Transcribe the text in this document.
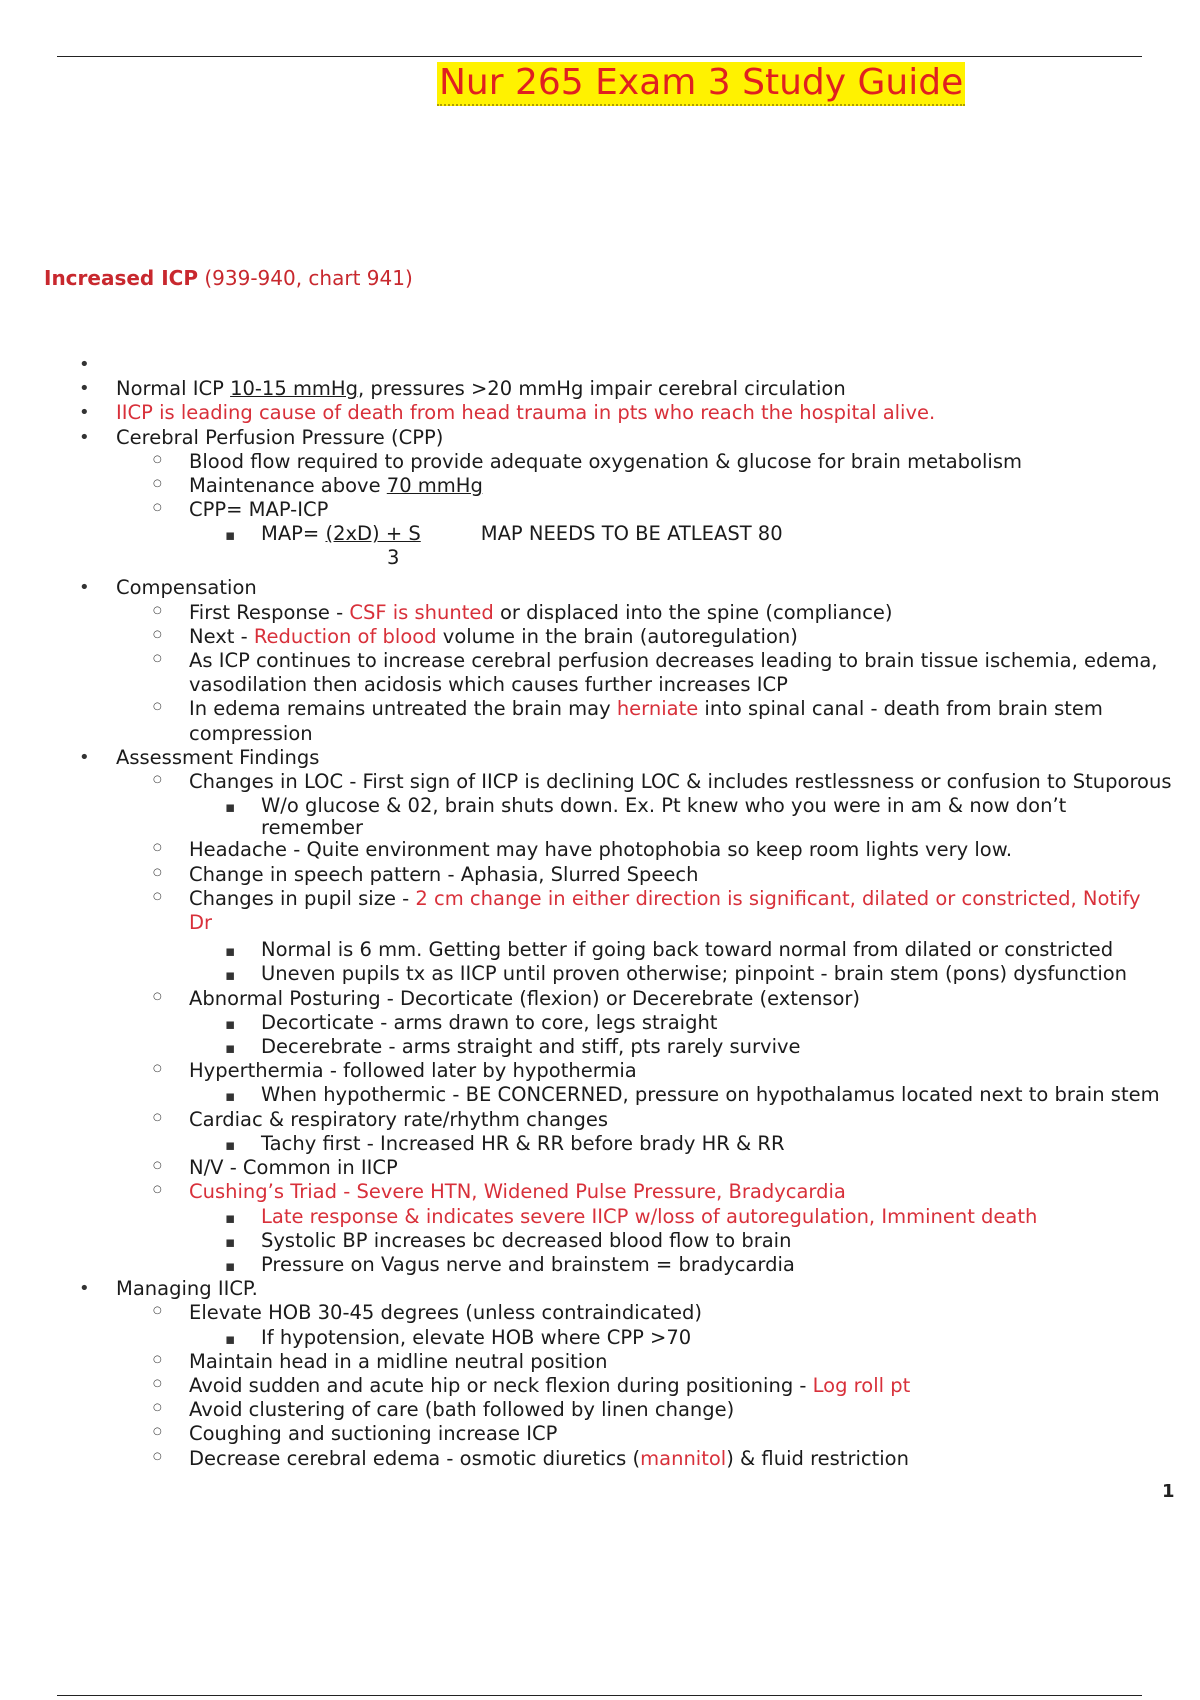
Nur 265 Exam 3 Study Guide
Increased ICP (939-940, chart 941)
•

• Normal ICP 10-15 mmHg, pressures >20 mmHg impair cerebral circulation
• IICP is leading cause of death from head trauma in pts who reach the hospital alive.
• Cerebral Perfusion Pressure (CPP)
○ Blood flow required to provide adequate oxygenation & glucose for brain metabolism
○ Maintenance above 70 mmHg
○ CPP= MAP-ICP
▪ MAP= (2xD) + S	MAP NEEDS TO BE ATLEAST 80
3
• Compensation
○ First Response - CSF is shunted or displaced into the spine (compliance)
○ Next - Reduction of blood volume in the brain (autoregulation)
○ As ICP continues to increase cerebral perfusion decreases leading to brain tissue ischemia, edema,
vasodilation then acidosis which causes further increases ICP
○ In edema remains untreated the brain may herniate into spinal canal - death from brain stem
compression
• Assessment Findings
○ Changes in LOC - First sign of IICP is declining LOC & includes restlessness or confusion to Stuporous
▪ W/o glucose & 02, brain shuts down. Ex. Pt knew who you were in am & now don’t
remember
○ Headache - Quite environment may have photophobia so keep room lights very low.
○ Change in speech pattern - Aphasia, Slurred Speech
○ Changes in pupil size - 2 cm change in either direction is significant, dilated or constricted, Notify
Dr
▪ Normal is 6 mm. Getting better if going back toward normal from dilated or constricted
▪ Uneven pupils tx as IICP until proven otherwise; pinpoint - brain stem (pons) dysfunction
○ Abnormal Posturing - Decorticate (flexion) or Decerebrate (extensor)
▪ Decorticate - arms drawn to core, legs straight
▪ Decerebrate - arms straight and stiff, pts rarely survive
○ Hyperthermia - followed later by hypothermia
▪ When hypothermic - BE CONCERNED, pressure on hypothalamus located next to brain stem
○ Cardiac & respiratory rate/rhythm changes
▪ Tachy first - Increased HR & RR before brady HR & RR
○ N/V - Common in IICP
○ Cushing’s Triad - Severe HTN, Widened Pulse Pressure, Bradycardia
▪ Late response & indicates severe IICP w/loss of autoregulation, Imminent death
▪ Systolic BP increases bc decreased blood flow to brain
▪ Pressure on Vagus nerve and brainstem = bradycardia
• Managing IICP.
○ Elevate HOB 30-45 degrees (unless contraindicated)
▪ If hypotension, elevate HOB where CPP >70
○ Maintain head in a midline neutral position
○ Avoid sudden and acute hip or neck flexion during positioning - Log roll pt
○ Avoid clustering of care (bath followed by linen change)
○ Coughing and suctioning increase ICP
○ Decrease cerebral edema - osmotic diuretics (mannitol) & fluid restriction
1
